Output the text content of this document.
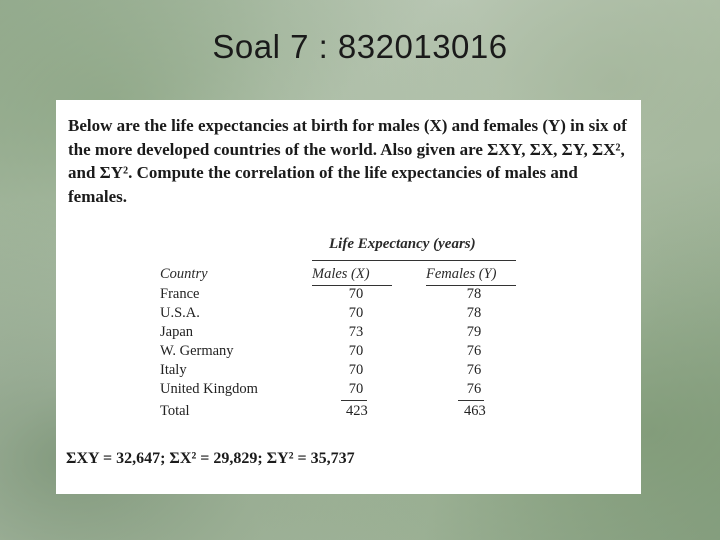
Soal 7 : 832013016
Below are the life expectancies at birth for males (X) and females (Y) in six of the more developed countries of the world. Also given are ΣXY, ΣX, ΣY, ΣX², and ΣY². Compute the correlation of the life expectancies of males and females.
Life Expectancy (years)
Country	Males (X)	Females (Y)
France	70	78
U.S.A.	70	78
Japan	73	79
W. Germany	70	76
Italy	70	76
United Kingdom	70	76
Total	423	463
ΣXY = 32,647; ΣX² = 29,829; ΣY² = 35,737
